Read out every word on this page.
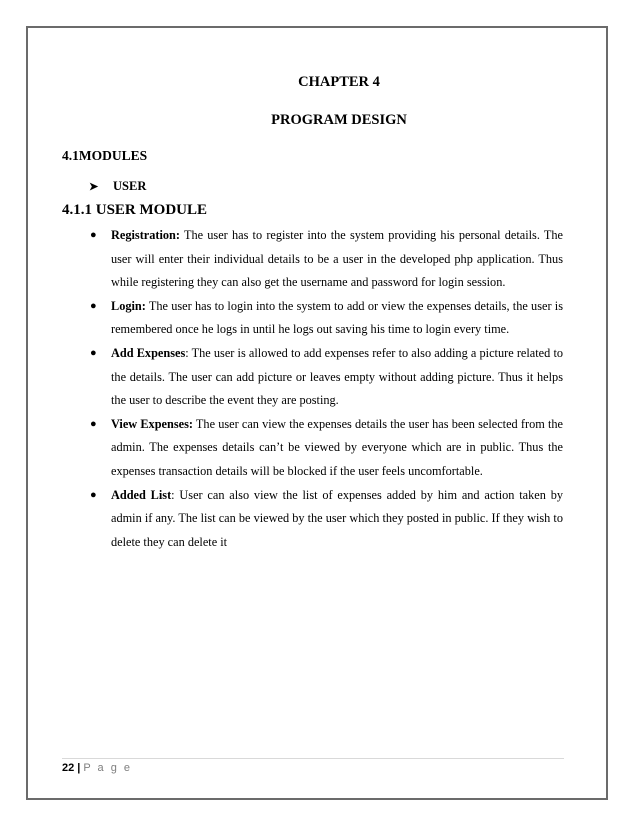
CHAPTER 4
PROGRAM DESIGN
4.1MODULES
➤	USER
4.1.1 USER MODULE
● Registration: The user has to register into the system providing his personal details. The user will enter their individual details to be a user in the developed php application. Thus while registering they can also get the username and password for login session.
● Login: The user has to login into the system to add or view the expenses details, the user is remembered once he logs in until he logs out saving his time to login every time.
● Add Expenses: The user is allowed to add expenses refer to also adding a picture related to the details. The user can add picture or leaves empty without adding picture. Thus it helps the user to describe the event they are posting.
● View Expenses: The user can view the expenses details the user has been selected from the admin. The expenses details can’t be viewed by everyone which are in public. Thus the expenses transaction details will be blocked if the user feels uncomfortable.
● Added List: User can also view the list of expenses added by him and action taken by admin if any. The list can be viewed by the user which they posted in public. If they wish to delete they can delete it
22 | P a g e
